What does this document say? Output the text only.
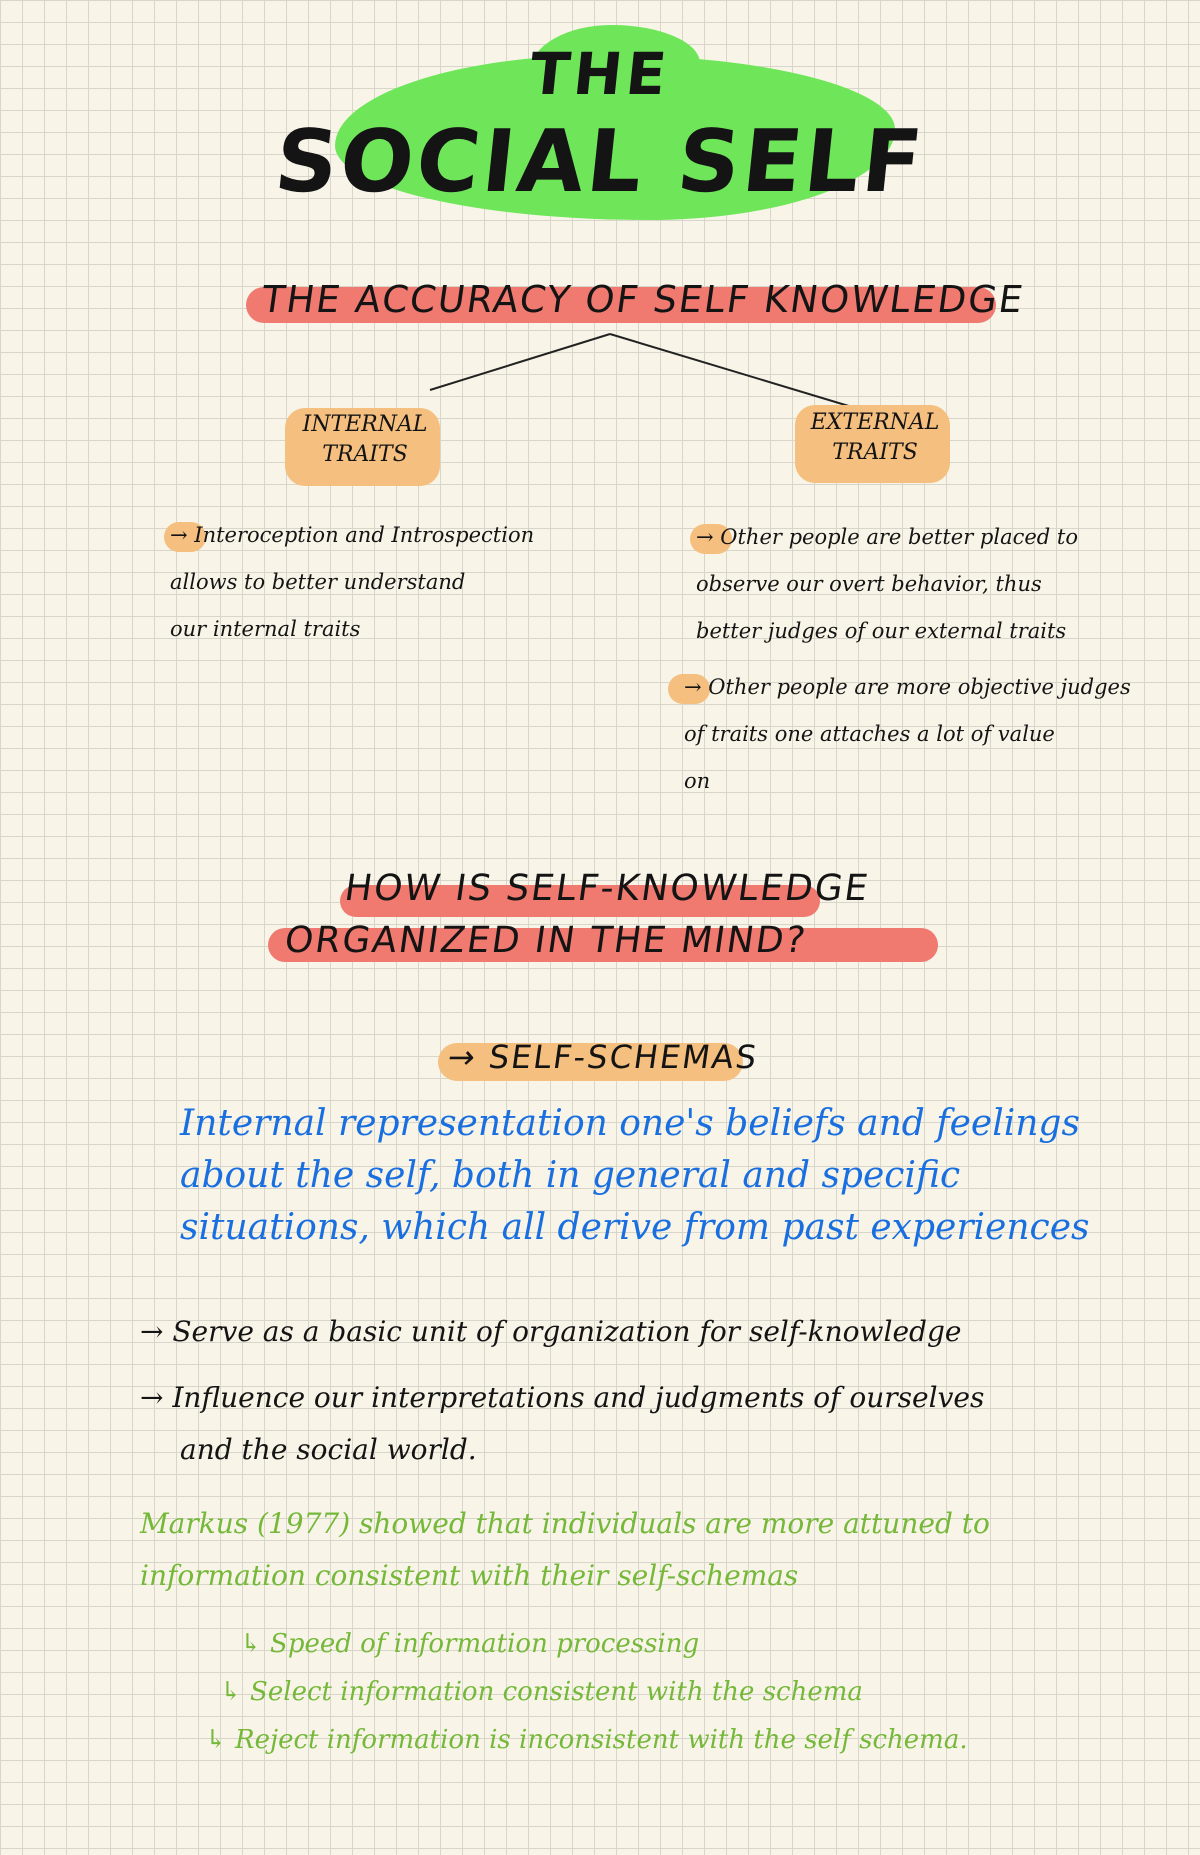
THE
SOCIAL SELF
THE ACCURACY OF SELF KNOWLEDGE
INTERNAL
TRAITS
→ Interoception and Introspection
allows to better understand
our internal traits
EXTERNAL
TRAITS
→ Other people are better placed to
observe our overt behavior, thus
better judges of our external traits
→ Other people are more objective judges
of traits one attaches a lot of value
on
HOW IS SELF-KNOWLEDGE
ORGANIZED IN THE MIND?
→ SELF-SCHEMAS
Internal representation one's beliefs and feelings
about the self, both in general and specific
situations, which all derive from past experiences
→ Serve as a basic unit of organization for self-knowledge
→ Influence our interpretations and judgments of ourselves
and the social world.
Markus (1977) showed that individuals are more attuned to
information consistent with their self-schemas
↳ Speed of information processing
↳ Select information consistent with the schema
↳ Reject information is inconsistent with the self schema.
